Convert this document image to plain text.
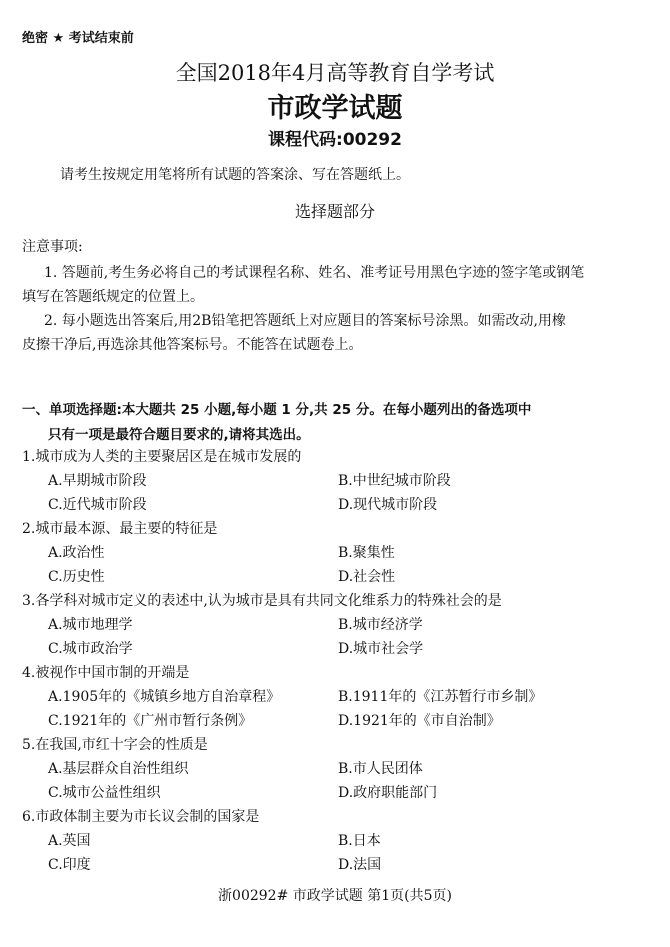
绝密 ★ 考试结束前
全国2018年4月高等教育自学考试
市政学试题
课程代码:00292
请考生按规定用笔将所有试题的答案涂、写在答题纸上。
选择题部分
注意事项:
1. 答题前,考生务必将自己的考试课程名称、姓名、准考证号用黑色字迹的签字笔或钢笔
填写在答题纸规定的位置上。
2. 每小题选出答案后,用2B铅笔把答题纸上对应题目的答案标号涂黑。如需改动,用橡
皮擦干净后,再选涂其他答案标号。不能答在试题卷上。
一、单项选择题:本大题共 25 小题,每小题 1 分,共 25 分。在每小题列出的备选项中
只有一项是最符合题目要求的,请将其选出。
1.城市成为人类的主要聚居区是在城市发展的
A.早期城市阶段	B.中世纪城市阶段
C.近代城市阶段	D.现代城市阶段
2.城市最本源、最主要的特征是
A.政治性	B.聚集性
C.历史性	D.社会性
3.各学科对城市定义的表述中,认为城市是具有共同文化维系力的特殊社会的是
A.城市地理学	B.城市经济学
C.城市政治学	D.城市社会学
4.被视作中国市制的开端是
A.1905年的《城镇乡地方自治章程》	B.1911年的《江苏暂行市乡制》
C.1921年的《广州市暂行条例》	D.1921年的《市自治制》
5.在我国,市红十字会的性质是
A.基层群众自治性组织	B.市人民团体
C.城市公益性组织	D.政府职能部门
6.市政体制主要为市长议会制的国家是
A.英国	B.日本
C.印度	D.法国
浙00292# 市政学试题 第1页(共5页)
